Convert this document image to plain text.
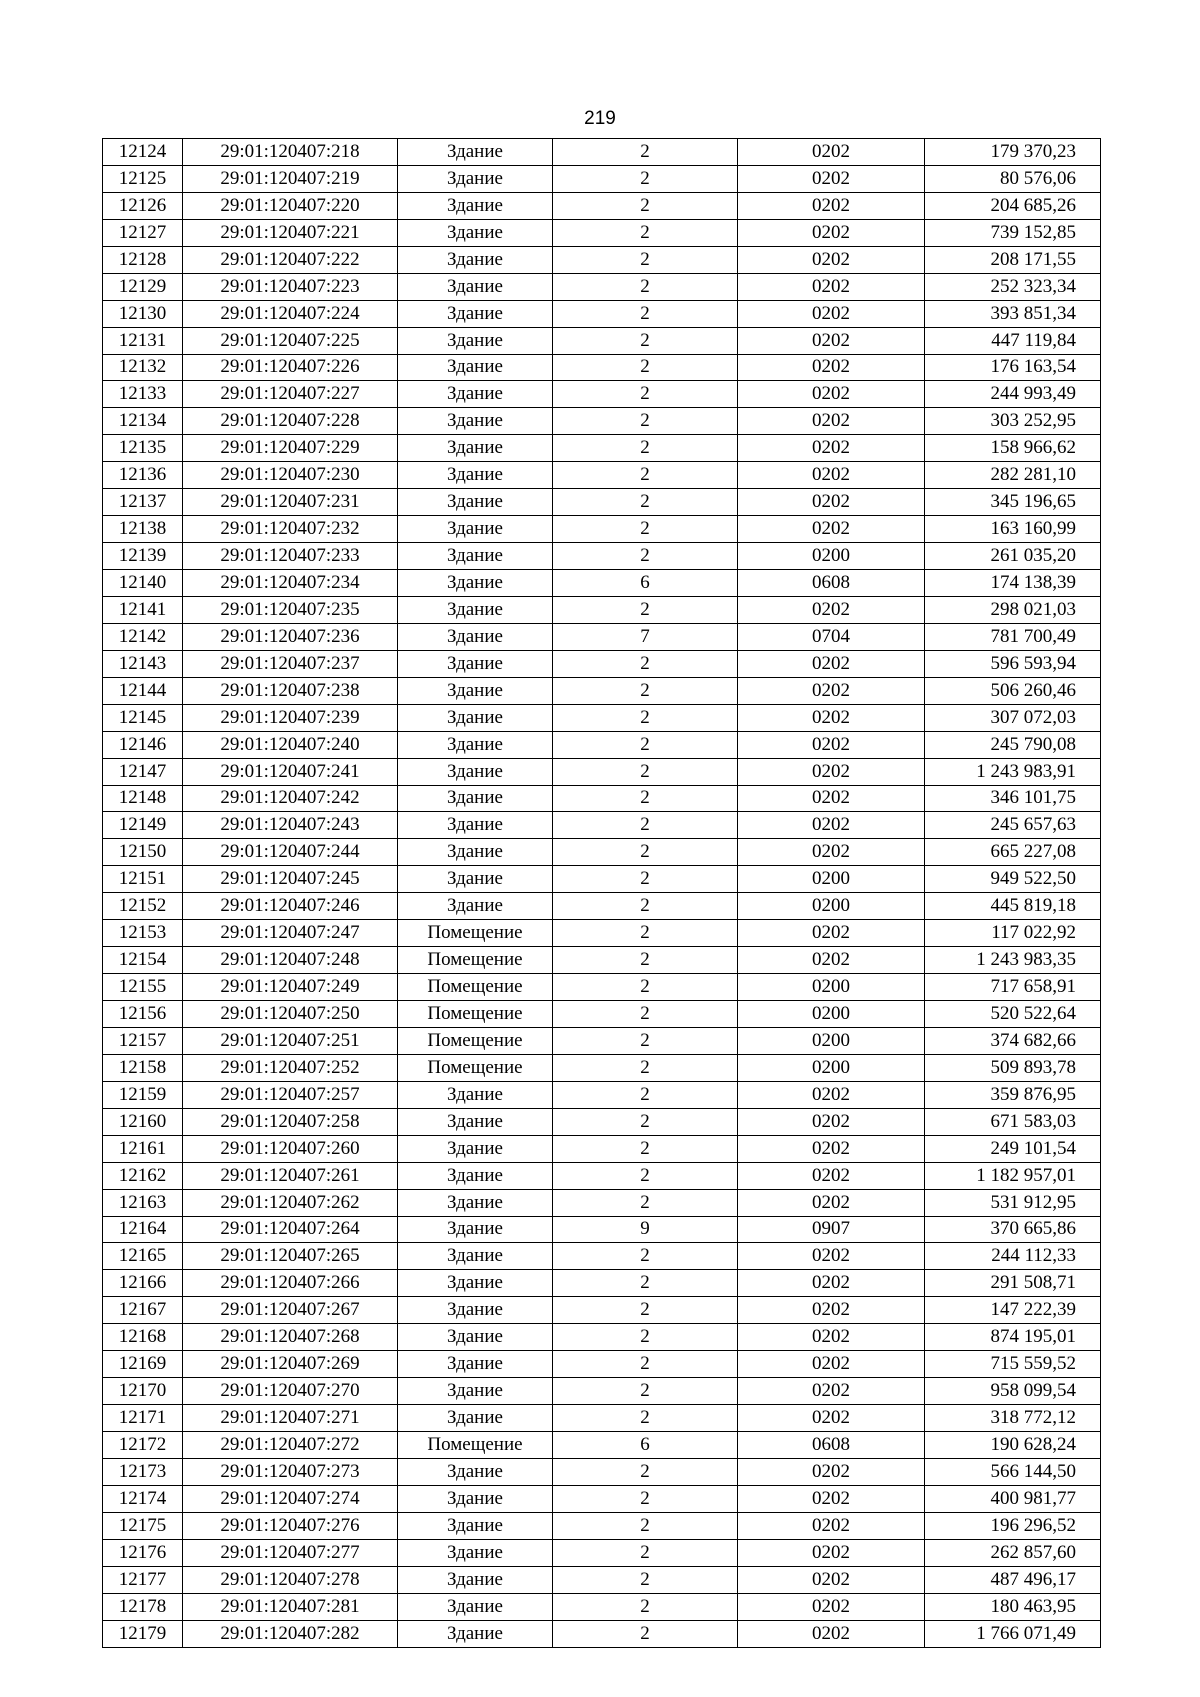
219
12124	29:01:120407:218	Здание	2	0202	179 370,23
12125	29:01:120407:219	Здание	2	0202	80 576,06
12126	29:01:120407:220	Здание	2	0202	204 685,26
12127	29:01:120407:221	Здание	2	0202	739 152,85
12128	29:01:120407:222	Здание	2	0202	208 171,55
12129	29:01:120407:223	Здание	2	0202	252 323,34
12130	29:01:120407:224	Здание	2	0202	393 851,34
12131	29:01:120407:225	Здание	2	0202	447 119,84
12132	29:01:120407:226	Здание	2	0202	176 163,54
12133	29:01:120407:227	Здание	2	0202	244 993,49
12134	29:01:120407:228	Здание	2	0202	303 252,95
12135	29:01:120407:229	Здание	2	0202	158 966,62
12136	29:01:120407:230	Здание	2	0202	282 281,10
12137	29:01:120407:231	Здание	2	0202	345 196,65
12138	29:01:120407:232	Здание	2	0202	163 160,99
12139	29:01:120407:233	Здание	2	0200	261 035,20
12140	29:01:120407:234	Здание	6	0608	174 138,39
12141	29:01:120407:235	Здание	2	0202	298 021,03
12142	29:01:120407:236	Здание	7	0704	781 700,49
12143	29:01:120407:237	Здание	2	0202	596 593,94
12144	29:01:120407:238	Здание	2	0202	506 260,46
12145	29:01:120407:239	Здание	2	0202	307 072,03
12146	29:01:120407:240	Здание	2	0202	245 790,08
12147	29:01:120407:241	Здание	2	0202	1 243 983,91
12148	29:01:120407:242	Здание	2	0202	346 101,75
12149	29:01:120407:243	Здание	2	0202	245 657,63
12150	29:01:120407:244	Здание	2	0202	665 227,08
12151	29:01:120407:245	Здание	2	0200	949 522,50
12152	29:01:120407:246	Здание	2	0200	445 819,18
12153	29:01:120407:247	Помещение	2	0202	117 022,92
12154	29:01:120407:248	Помещение	2	0202	1 243 983,35
12155	29:01:120407:249	Помещение	2	0200	717 658,91
12156	29:01:120407:250	Помещение	2	0200	520 522,64
12157	29:01:120407:251	Помещение	2	0200	374 682,66
12158	29:01:120407:252	Помещение	2	0200	509 893,78
12159	29:01:120407:257	Здание	2	0202	359 876,95
12160	29:01:120407:258	Здание	2	0202	671 583,03
12161	29:01:120407:260	Здание	2	0202	249 101,54
12162	29:01:120407:261	Здание	2	0202	1 182 957,01
12163	29:01:120407:262	Здание	2	0202	531 912,95
12164	29:01:120407:264	Здание	9	0907	370 665,86
12165	29:01:120407:265	Здание	2	0202	244 112,33
12166	29:01:120407:266	Здание	2	0202	291 508,71
12167	29:01:120407:267	Здание	2	0202	147 222,39
12168	29:01:120407:268	Здание	2	0202	874 195,01
12169	29:01:120407:269	Здание	2	0202	715 559,52
12170	29:01:120407:270	Здание	2	0202	958 099,54
12171	29:01:120407:271	Здание	2	0202	318 772,12
12172	29:01:120407:272	Помещение	6	0608	190 628,24
12173	29:01:120407:273	Здание	2	0202	566 144,50
12174	29:01:120407:274	Здание	2	0202	400 981,77
12175	29:01:120407:276	Здание	2	0202	196 296,52
12176	29:01:120407:277	Здание	2	0202	262 857,60
12177	29:01:120407:278	Здание	2	0202	487 496,17
12178	29:01:120407:281	Здание	2	0202	180 463,95
12179	29:01:120407:282	Здание	2	0202	1 766 071,49
